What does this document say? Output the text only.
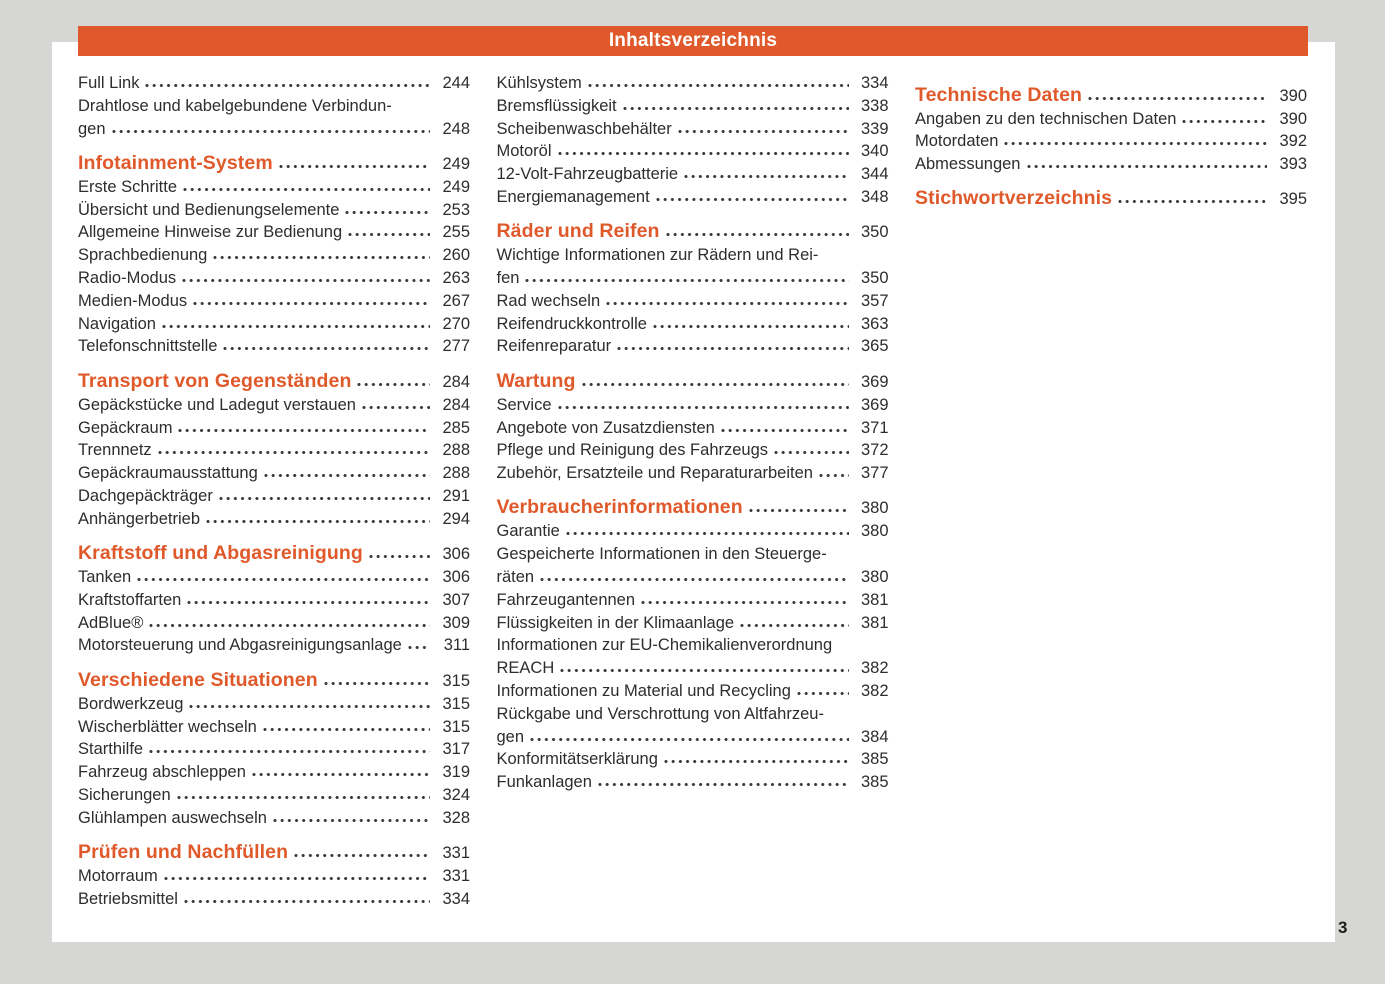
Inhaltsverzeichnis
Full Link	244
Drahtlose und kabelgebundene Verbindun-
gen	248
Infotainment-System	249
Erste Schritte	249
Übersicht und Bedienungselemente	253
Allgemeine Hinweise zur Bedienung	255
Sprachbedienung	260
Radio-Modus	263
Medien-Modus	267
Navigation	270
Telefonschnittstelle	277
Transport von Gegenständen	284
Gepäckstücke und Ladegut verstauen	284
Gepäckraum	285
Trennnetz	288
Gepäckraumausstattung	288
Dachgepäckträger	291
Anhängerbetrieb	294
Kraftstoff und Abgasreinigung	306
Tanken	306
Kraftstoffarten	307
AdBlue®	309
Motorsteuerung und Abgasreinigungsanlage	311
Verschiedene Situationen	315
Bordwerkzeug	315
Wischerblätter wechseln	315
Starthilfe	317
Fahrzeug abschleppen	319
Sicherungen	324
Glühlampen auswechseln	328
Prüfen und Nachfüllen	331
Motorraum	331
Betriebsmittel	334
Kühlsystem	334
Bremsflüssigkeit	338
Scheibenwaschbehälter	339
Motoröl	340
12-Volt-Fahrzeugbatterie	344
Energiemanagement	348
Räder und Reifen	350
Wichtige Informationen zur Rädern und Rei-
fen	350
Rad wechseln	357
Reifendruckkontrolle	363
Reifenreparatur	365
Wartung	369
Service	369
Angebote von Zusatzdiensten	371
Pflege und Reinigung des Fahrzeugs	372
Zubehör, Ersatzteile und Reparaturarbeiten	377
Verbraucherinformationen	380
Garantie	380
Gespeicherte Informationen in den Steuerge-
räten	380
Fahrzeugantennen	381
Flüssigkeiten in der Klimaanlage	381
Informationen zur EU-Chemikalienverordnung
REACH	382
Informationen zu Material und Recycling	382
Rückgabe und Verschrottung von Altfahrzeu-
gen	384
Konformitätserklärung	385
Funkanlagen	385
Technische Daten	390
Angaben zu den technischen Daten	390
Motordaten	392
Abmessungen	393
Stichwortverzeichnis	395
3
